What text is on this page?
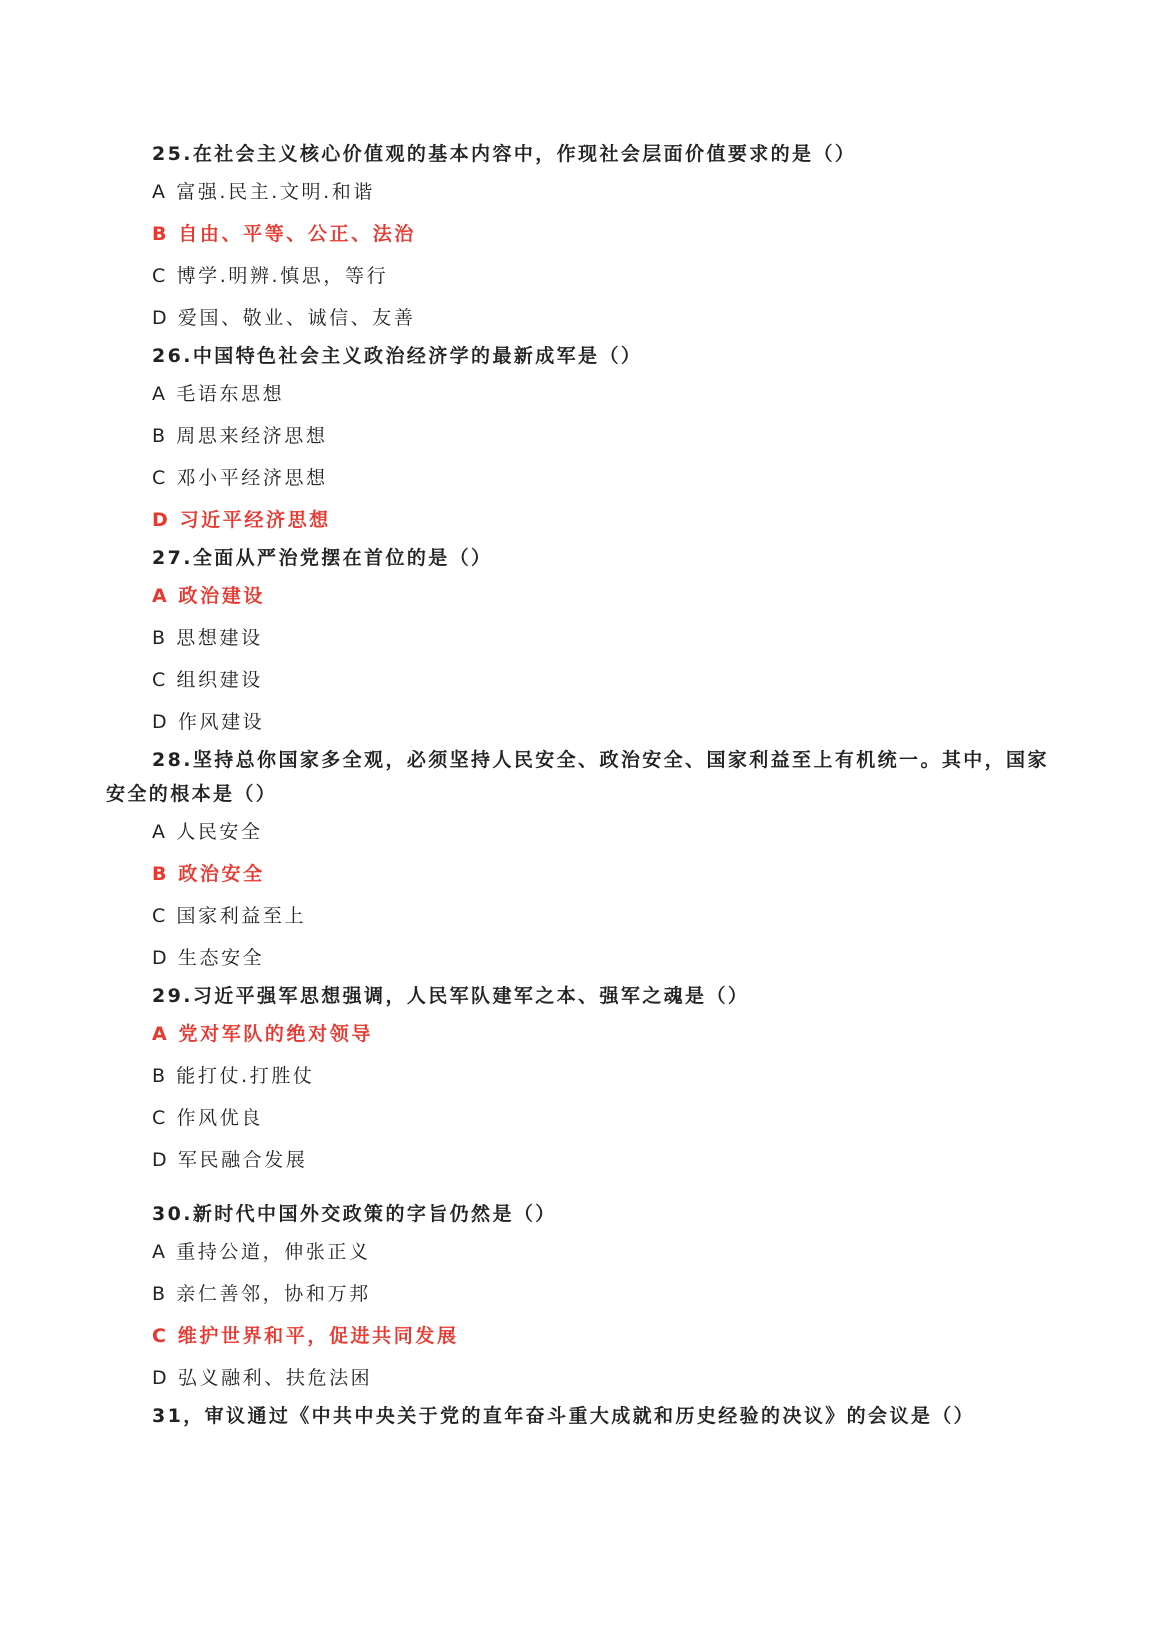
25.在社会主义核心价值观的基本内容中，作现社会层面价值要求的是（）

A 富强.民主.文明.和谐

B 自由、平等、公正、法治

C 博学.明辨.慎思，等行

D 爱国、敬业、诚信、友善

26.中国特色社会主义政治经济学的最新成军是（）

A 毛语东思想

B 周思来经济思想

C 邓小平经济思想

D 习近平经济思想

27.全面从严治党摆在首位的是（）

A 政治建设

B 思想建设

C 组织建设

D 作风建设

28.坚持总你国家多全观，必须坚持人民安全、政治安全、国家利益至上有机统一。其中，国家安全的根本是（）

A 人民安全

B 政治安全

C 国家利益至上

D 生态安全

29.习近平强军思想强调，人民军队建军之本、强军之魂是（）

A 党对军队的绝对领导

B 能打仗.打胜仗

C 作风优良

D 军民融合发展

30.新时代中国外交政策的字旨仍然是（）

A 重持公道，伸张正义

B 亲仁善邻，协和万邦

C 维护世界和平，促进共同发展

D 弘义融利、扶危法困

31，审议通过《中共中央关于党的直年奋斗重大成就和历史经验的决议》的会议是（）
